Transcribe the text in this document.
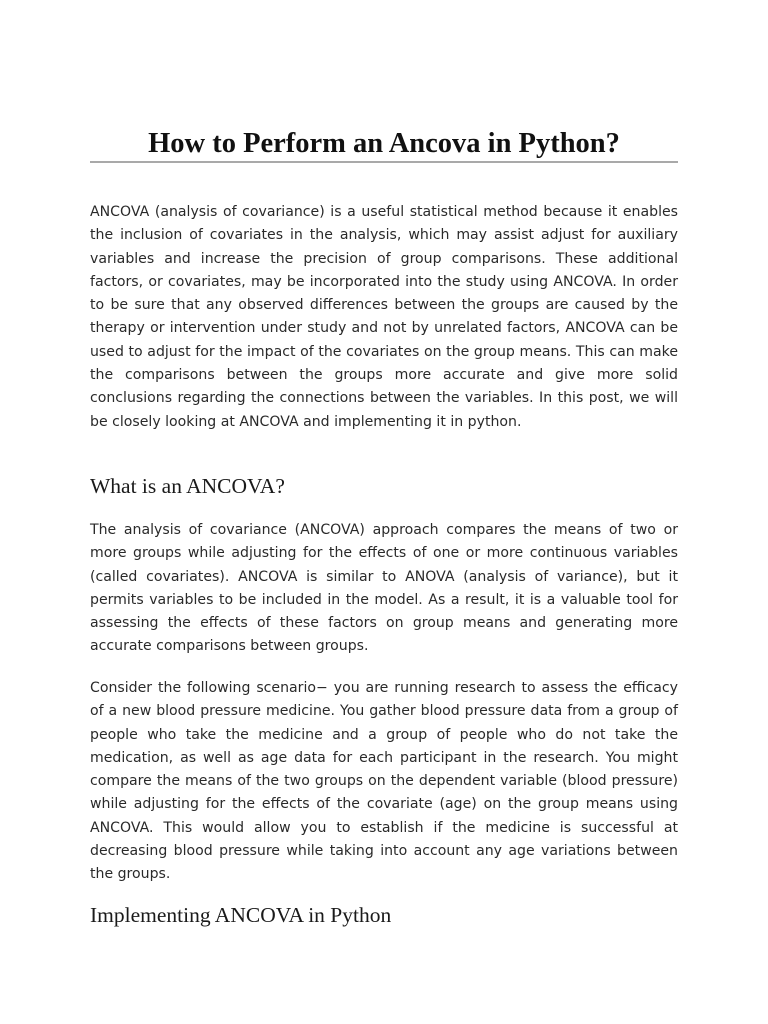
How to Perform an Ancova in Python?

ANCOVA (analysis of covariance) is a useful statistical method because it enables the inclusion of covariates in the analysis, which may assist adjust for auxiliary variables and increase the precision of group comparisons. These additional factors, or covariates, may be incorporated into the study using ANCOVA. In order to be sure that any observed differences between the groups are caused by the therapy or intervention under study and not by unrelated factors, ANCOVA can be used to adjust for the impact of the covariates on the group means. This can make the comparisons between the groups more accurate and give more solid conclusions regarding the connections between the variables. In this post, we will be closely looking at ANCOVA and implementing it in python.

What is an ANCOVA?

The analysis of covariance (ANCOVA) approach compares the means of two or more groups while adjusting for the effects of one or more continuous variables (called covariates). ANCOVA is similar to ANOVA (analysis of variance), but it permits variables to be included in the model. As a result, it is a valuable tool for assessing the effects of these factors on group means and generating more accurate comparisons between groups.

Consider the following scenario− you are running research to assess the efficacy of a new blood pressure medicine. You gather blood pressure data from a group of people who take the medicine and a group of people who do not take the medication, as well as age data for each participant in the research. You might compare the means of the two groups on the dependent variable (blood pressure) while adjusting for the effects of the covariate (age) on the group means using ANCOVA. This would allow you to establish if the medicine is successful at decreasing blood pressure while taking into account any age variations between the groups.

Implementing ANCOVA in Python
